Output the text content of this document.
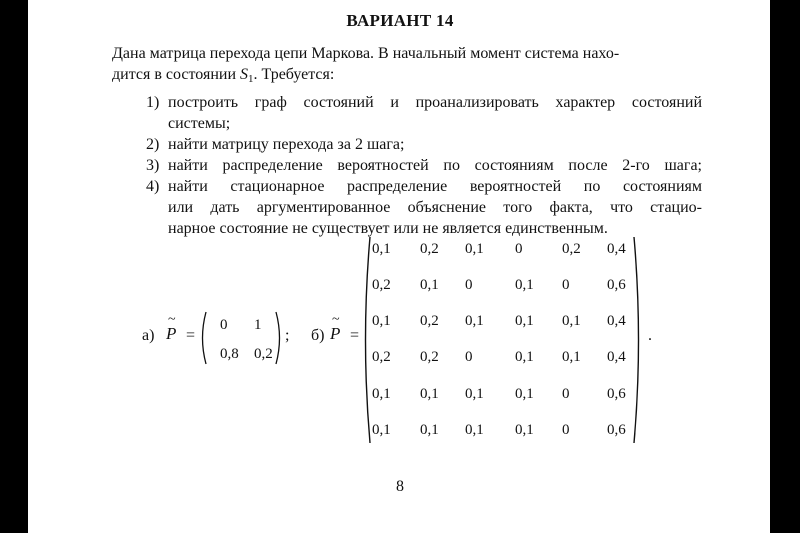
ВАРИАНТ 14
Дана матрица перехода цепи Маркова. В начальный момент система нахо-
дится в состоянии S1. Требуется:
1) построить граф состояний и проанализировать характер состояний
системы;
2) найти матрицу перехода за 2 шага;
3) найти распределение вероятностей по состояниям после 2-го шага;
4) найти стационарное распределение вероятностей по состояниям
или дать аргументированное объяснение того факта, что стацио-
нарное состояние не существует или не является единственным.
а)
~
P =
0 1
0,8 0,2
; б)
~
P =
0,1 0,2 0,1 0	0,2 0,4
0,2 0,1 0	0,1 0	0,6
0,1 0,2 0,1 0,1 0,1 0,4
0,2 0,2 0	0,1 0,1 0,4
0,1 0,1 0,1 0,1 0	0,6
0,1 0,1 0,1 0,1 0	0,6
.
8
